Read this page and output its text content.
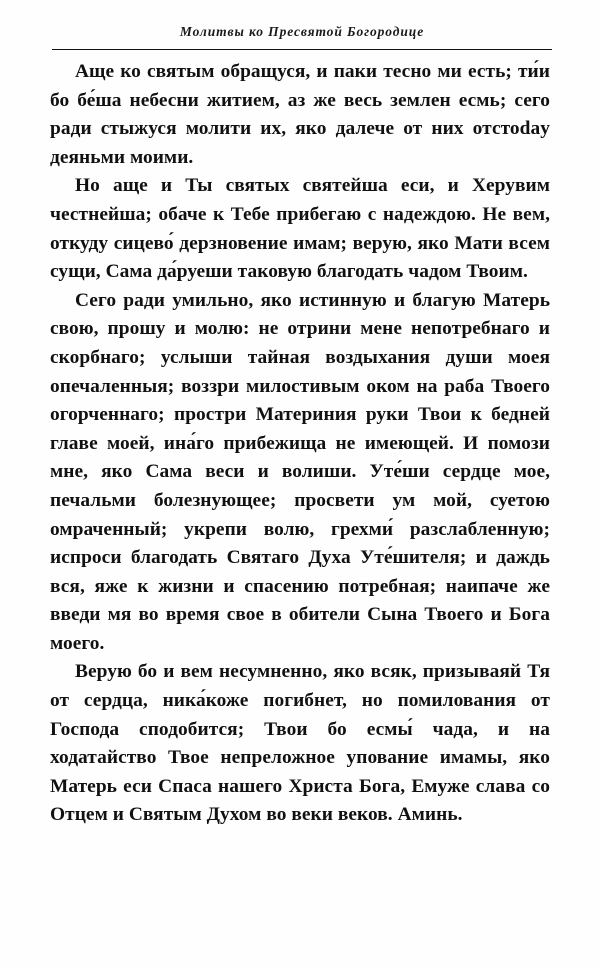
Молитвы ко Пресвятой Богородице

Аще ко святым обращуся, и паки тесно ми есть; ти́и бо бе́ша небесни житием, аз же весь землен есмь; сего ради стыжуся молити их, яко далече от них отстоday деяньми моими.

Но аще и Ты святых святейша еси, и Херувим честнейша; обаче к Тебе прибегаю с надеждою. Не вем, откуду сицево́ дерзновение имам; верую, яко Мати всем сущи, Сама да́руеши таковую благодать чадом Твоим.

Сего ради умильно, яко истинную и благую Матерь свою, прошу и молю: не отрини мене непотребнаго и скорбнаго; услыши тайная воздыхания души моея опечаленныя; воззри милостивым оком на раба Твоего огорченнаго; простри Материния руки Твои к бедней главе моей, ина́го прибежища не имеющей. И помози мне, яко Сама веси и волиши. Уте́ши сердце мое, печальми болезнующее; просвети ум мой, суетою омраченный; укрепи волю, грехми́ разслабленную; испроси благодать Святаго Духа Уте́шителя; и даждь вся, яже к жизни и спасению потребная; наипаче же введи мя во время свое в обители Сына Твоего и Бога моего.

Верую бо и вем несумненно, яко всяк, призываяй Тя от сердца, ника́коже погибнет, но помилования от Господа сподобится; Твои бо есмы́ чада, и на ходатайство Твое непреложное упование имамы, яко Матерь еси Спаса нашего Христа Бога, Емуже слава со Отцем и Святым Духом во веки веков. Аминь.
